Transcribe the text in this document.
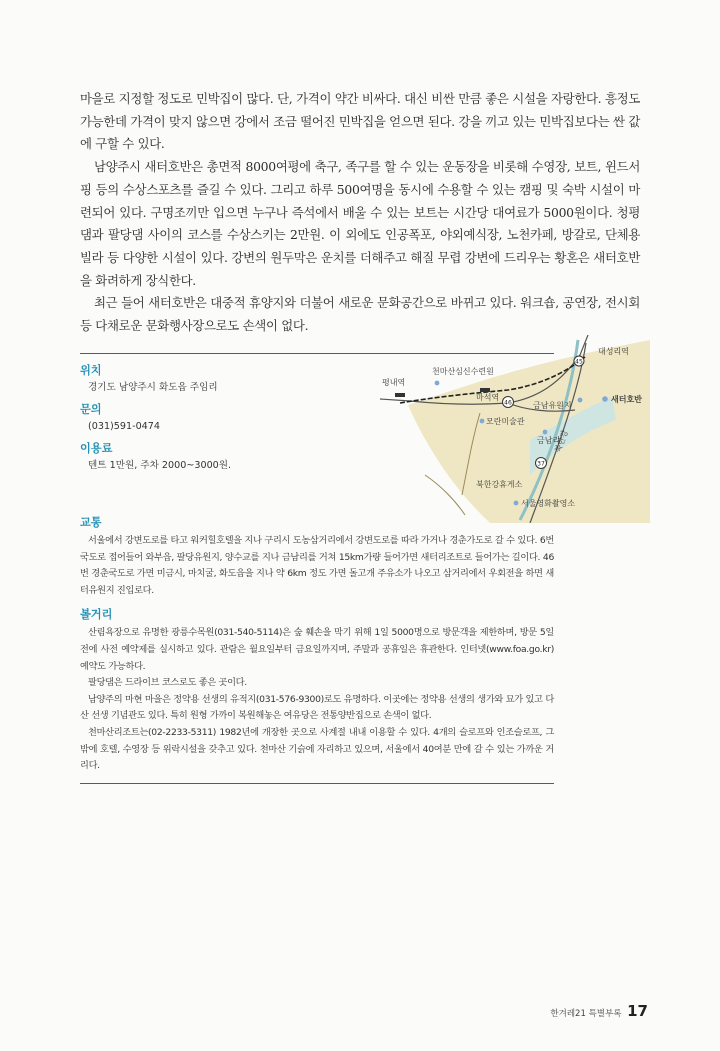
마을로 지정할 정도로 민박집이 많다. 단, 가격이 약간 비싸다. 대신 비싼 만큼 좋은 시설을 자랑한다. 흥정도 가능한데 가격이 맞지 않으면 강에서 조금 떨어진 민박집을 얻으면 된다. 강을 끼고 있는 민박집보다는 싼 값에 구할 수 있다.

남양주시 새터호반은 총면적 8000여평에 축구, 족구를 할 수 있는 운동장을 비롯해 수영장, 보트, 윈드서핑 등의 수상스포츠를 즐길 수 있다. 그리고 하루 500여명을 동시에 수용할 수 있는 캠핑 및 숙박 시설이 마련되어 있다. 구명조끼만 입으면 누구나 즉석에서 배울 수 있는 보트는 시간당 대여료가 5000원이다. 청평댐과 팔당댐 사이의 코스를 수상스키는 2만원. 이 외에도 인공폭포, 야외예식장, 노천카페, 방갈로, 단체용 빌라 등 다양한 시설이 있다. 강변의 원두막은 운치를 더해주고 해질 무렵 강변에 드리우는 황혼은 새터호반을 화려하게 장식한다.

최근 들어 새터호반은 대중적 휴양지와 더불어 새로운 문화공간으로 바뀌고 있다. 워크숍, 공연장, 전시회 등 다채로운 문화행사장으로도 손색이 없다.

위치
경기도 남양주시 화도읍 주임리
문의
(031)591-0474
이용료
텐트 1만원, 주차 2000~3000원.
45
46
37
대성리역
천마산심신수련원
평내역
마석역
금남유원지
새터호반
모란미술관
금남리
북한강
북한강휴게소
서울영화촬영소
교통

서울에서 강변도로를 타고 워커힐호텔을 지나 구리시 도농삼거리에서 강변도로를 따라 가거나 경춘가도로 갈 수 있다. 6번 국도로 접어들어 와부읍, 팔당유원지, 양수교를 지나 금남리를 거쳐 15km가량 들어가면 새터리조트로 들어가는 길이다. 46번 경춘국도로 가면 미금시, 마치굴, 화도읍을 지나 약 6km 정도 가면 돌고개 주유소가 나오고 삼거리에서 우회전을 하면 새터유원지 진입로다.

볼거리

산림욕장으로 유명한 광릉수목원(031-540-5114)은 숲 훼손을 막기 위해 1일 5000명으로 방문객을 제한하며, 방문 5일 전에 사전 예약제를 실시하고 있다. 관람은 월요일부터 금요일까지며, 주말과 공휴일은 휴관한다. 인터넷(www.foa.go.kr) 예약도 가능하다.

팔당댐은 드라이브 코스로도 좋은 곳이다.

남양주의 마현 마을은 정약용 선생의 유적지(031-576-9300)로도 유명하다. 이곳에는 정약용 선생의 생가와 묘가 있고 다산 선생 기념관도 있다. 특히 원형 가까이 복원해놓은 여유당은 전통양반집으로 손색이 없다.

천마산리조트는(02-2233-5311) 1982년에 개장한 곳으로 사계절 내내 이용할 수 있다. 4개의 슬로프와 인조슬로프, 그밖에 호텔, 수영장 등 위락시설을 갖추고 있다. 천마산 기슭에 자리하고 있으며, 서울에서 40여분 만에 갈 수 있는 가까운 거리다.

한겨레21 특별부록 17
